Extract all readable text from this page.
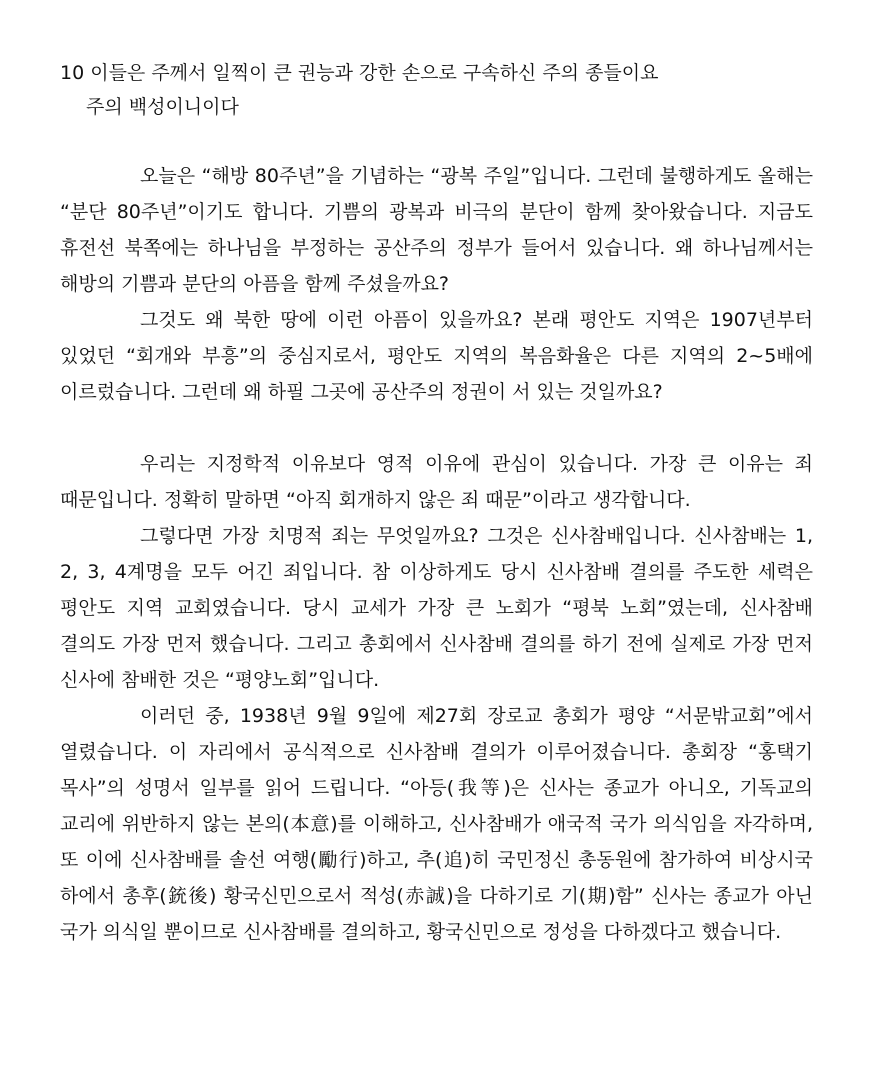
10 이들은 주께서 일찍이 큰 권능과 강한 손으로 구속하신 주의 종들이요

주의 백성이니이다

오늘은 “해방 80주년”을 기념하는 “광복 주일”입니다. 그런데 불행하게도 올해는 “분단 80주년”이기도 합니다. 기쁨의 광복과 비극의 분단이 함께 찾아왔습니다. 지금도 휴전선 북쪽에는 하나님을 부정하는 공산주의 정부가 들어서 있습니다. 왜 하나님께서는 해방의 기쁨과 분단의 아픔을 함께 주셨을까요?

그것도 왜 북한 땅에 이런 아픔이 있을까요? 본래 평안도 지역은 1907년부터 있었던 “회개와 부흥”의 중심지로서, 평안도 지역의 복음화율은 다른 지역의 2~5배에 이르렀습니다. 그런데 왜 하필 그곳에 공산주의 정권이 서 있는 것일까요?

우리는 지정학적 이유보다 영적 이유에 관심이 있습니다. 가장 큰 이유는 죄 때문입니다. 정확히 말하면 “아직 회개하지 않은 죄 때문”이라고 생각합니다.

그렇다면 가장 치명적 죄는 무엇일까요? 그것은 신사참배입니다. 신사참배는 1, 2, 3, 4계명을 모두 어긴 죄입니다. 참 이상하게도 당시 신사참배 결의를 주도한 세력은 평안도 지역 교회였습니다. 당시 교세가 가장 큰 노회가 “평북 노회”였는데, 신사참배 결의도 가장 먼저 했습니다. 그리고 총회에서 신사참배 결의를 하기 전에 실제로 가장 먼저 신사에 참배한 것은 “평양노회”입니다.

이러던 중, 1938년 9월 9일에 제27회 장로교 총회가 평양 “서문밖교회”에서 열렸습니다. 이 자리에서 공식적으로 신사참배 결의가 이루어졌습니다. 총회장 “홍택기 목사”의 성명서 일부를 읽어 드립니다. “아등(我等)은 신사는 종교가 아니오, 기독교의 교리에 위반하지 않는 본의(本意)를 이해하고, 신사참배가 애국적 국가 의식임을 자각하며, 또 이에 신사참배를 솔선 여행(勵行)하고, 추(追)히 국민정신 총동원에 참가하여 비상시국 하에서 총후(銃後) 황국신민으로서 적성(赤誠)을 다하기로 기(期)함” 신사는 종교가 아닌 국가 의식일 뿐이므로 신사참배를 결의하고, 황국신민으로 정성을 다하겠다고 했습니다.
